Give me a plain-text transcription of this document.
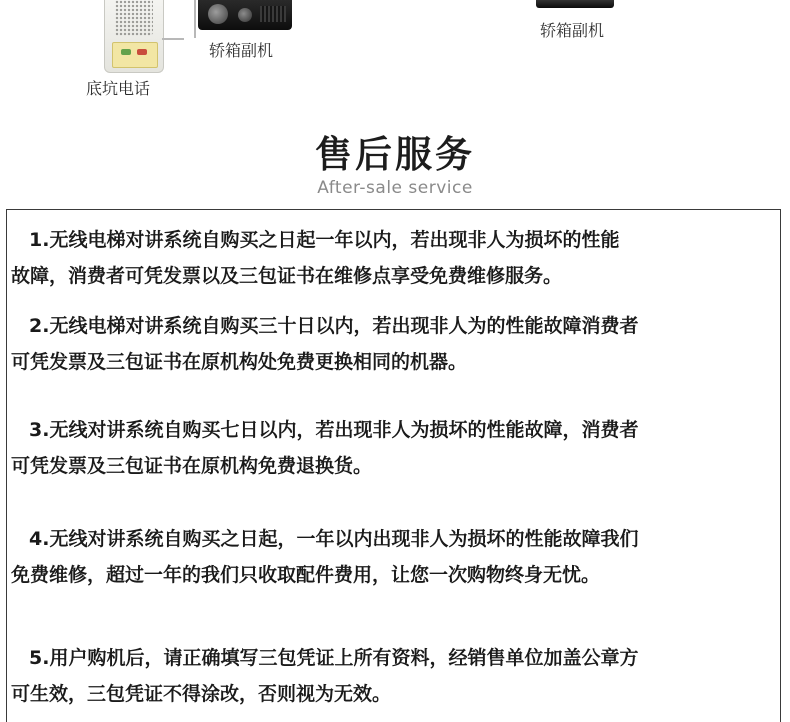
底坑电话
轿箱副机
轿箱副机
售后服务
After-sale service

1.无线电梯对讲系统自购买之日起一年以内，若出现非人为损坏的性能

故障，消费者可凭发票以及三包证书在维修点享受免费维修服务。

2.无线电梯对讲系统自购买三十日以内，若出现非人为的性能故障消费者

可凭发票及三包证书在原机构处免费更换相同的机器。

3.无线对讲系统自购买七日以内，若出现非人为损坏的性能故障，消费者

可凭发票及三包证书在原机构免费退换货。

4.无线对讲系统自购买之日起，一年以内出现非人为损坏的性能故障我们

免费维修，超过一年的我们只收取配件费用，让您一次购物终身无忧。

5.用户购机后，请正确填写三包凭证上所有资料，经销售单位加盖公章方

可生效，三包凭证不得涂改，否则视为无效。
